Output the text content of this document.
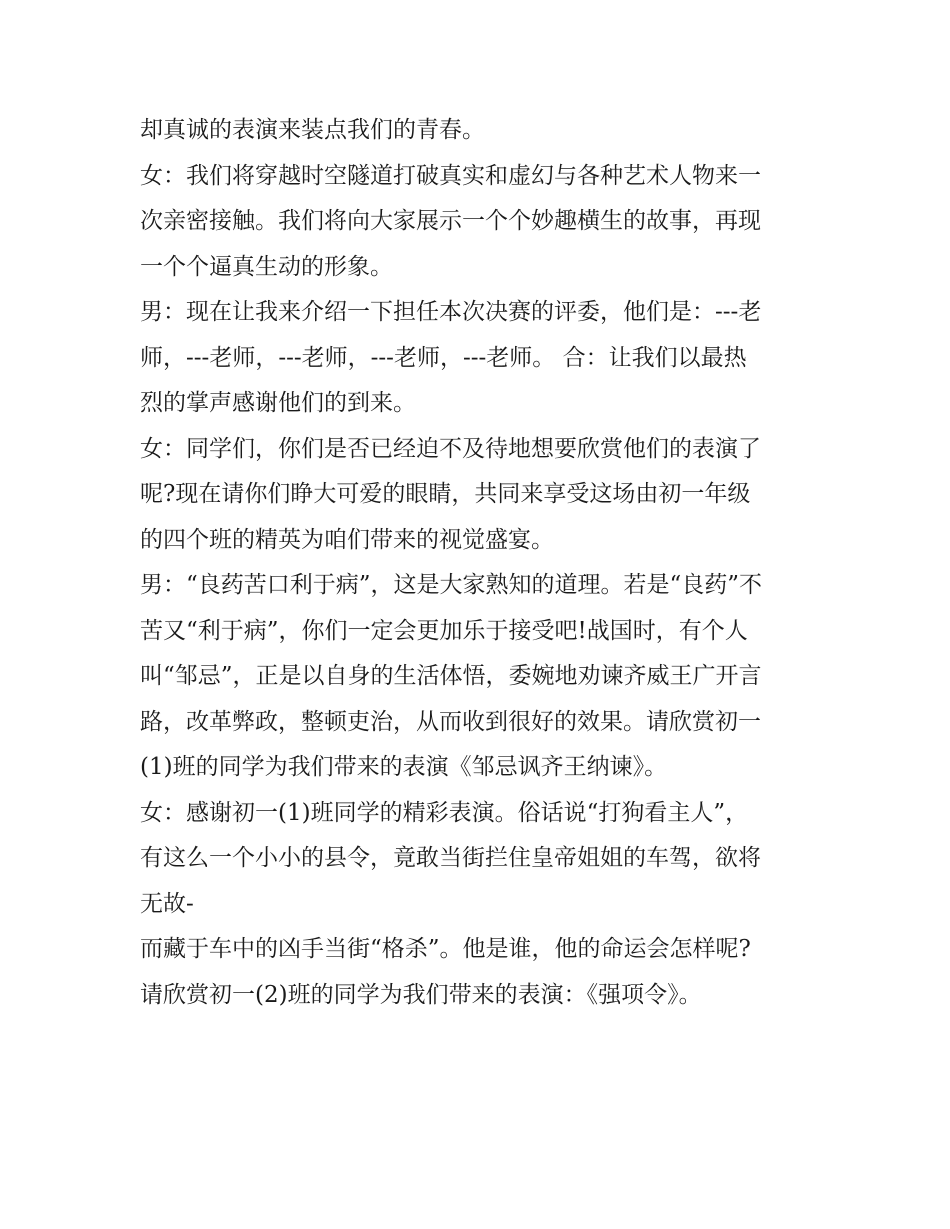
却真诚的表演来装点我们的青春。
女：我们将穿越时空隧道打破真实和虚幻与各种艺术人物来一
次亲密接触。我们将向大家展示一个个妙趣横生的故事，再现
一个个逼真生动的形象。
男：现在让我来介绍一下担任本次决赛的评委，他们是：---老
师，---老师，---老师，---老师，---老师。 合：让我们以最热
烈的掌声感谢他们的到来。
女：同学们，你们是否已经迫不及待地想要欣赏他们的表演了
呢?现在请你们睁大可爱的眼睛，共同来享受这场由初一年级
的四个班的精英为咱们带来的视觉盛宴。
男：“良药苦口利于病”，这是大家熟知的道理。若是“良药”不
苦又“利于病”，你们一定会更加乐于接受吧!战国时，有个人
叫“邹忌”，正是以自身的生活体悟，委婉地劝谏齐威王广开言
路，改革弊政，整顿吏治，从而收到很好的效果。请欣赏初一
(1)班的同学为我们带来的表演《邹忌讽齐王纳谏》。
女：感谢初一(1)班同学的精彩表演。俗话说“打狗看主人”，
有这么一个小小的县令，竟敢当街拦住皇帝姐姐的车驾，欲将
无故-
而藏于车中的凶手当街“格杀”。他是谁，他的命运会怎样呢?
请欣赏初一(2)班的同学为我们带来的表演：《强项令》。
